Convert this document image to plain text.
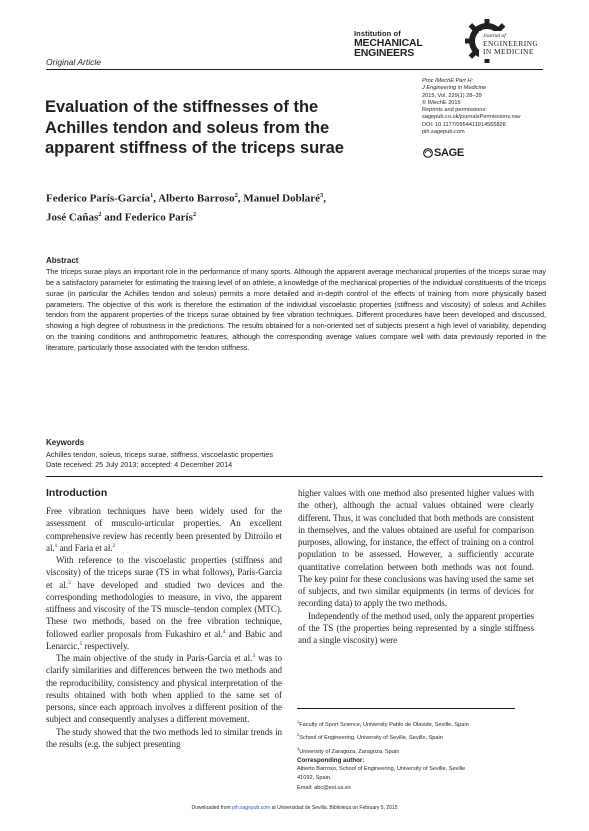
Institution of
MECHANICAL
ENGINEERS
Journal of
ENGINEERING
IN MEDICINE
Original Article
Proc IMechE Part H:
J Engineering in Medicine
2015, Vol. 229(1) 28–39
© IMechE 2015
Reprints and permissions:
sagepub.co.uk/journalsPermissions.nav
DOI: 10.1177/0954411914565828
pih.sagepub.com
SAGE
Evaluation of the stiffnesses of the Achilles tendon and soleus from the apparent stiffness of the triceps surae
Federico París-García$^1$, Alberto Barroso$^2$, Manuel Doblaré$^3$,
José Cañas$^2$ and Federico París$^2$
Abstract
The triceps surae plays an important role in the performance of many sports. Although the apparent average mechanical properties of the triceps surae may be a satisfactory parameter for estimating the training level of an athlete, a knowledge of the mechanical properties of the individual constituents of the triceps surae (in particular the Achilles tendon and soleus) permits a more detailed and in-depth control of the effects of training from more physically based parameters. The objective of this work is therefore the estimation of the individual viscoelastic properties (stiffness and viscosity) of soleus and Achilles tendon from the apparent properties of the triceps surae obtained by free vibration techniques. Different procedures have been developed and discussed, showing a high degree of robustness in the predictions. The results obtained for a non-oriented set of subjects present a high level of variability, depending on the training conditions and anthropometric features, although the corresponding average values compare well with data previously reported in the literature, particularly those associated with the tendon stiffness.
Keywords
Achilles tendon, soleus, triceps surae, stiffness, viscoelastic properties
Date received: 25 July 2013; accepted: 4 December 2014
Introduction

Free vibration techniques have been widely used for the assessment of musculo-articular properties. An excellent comprehensive review has recently been presented by Ditroilo et al.$^1$ and Faria et al.$^2$

With reference to the viscoelastic properties (stiffness and viscosity) of the triceps surae (TS in what follows), Paris-Garcia et al.$^3$ have developed and studied two devices and the corresponding methodologies to measure, in vivo, the apparent stiffness and viscosity of the TS muscle–tendon complex (MTC). These two methods, based on the free vibration technique, followed earlier proposals from Fukashiro et al.$^4$ and Babic and Lenarcic,$^5$ respectively.

The main objective of the study in París-García et al.$^3$ was to clarify similarities and differences between the two methods and the reproducibility, consistency and physical interpretation of the results obtained with both when applied to the same set of persons, since each approach involves a different position of the subject and consequently analyses a different movement.

The study showed that the two methods led to similar trends in the results (e.g. the subject presenting

higher values with one method also presented higher values with the other), although the actual values obtained were clearly different. Thus, it was concluded that both methods are consistent in themselves, and the values obtained are useful for comparison purposes, allowing, for instance, the effect of training on a control population to be assessed. However, a sufficiently accurate quantitative correlation between both methods was not found. The key point for these conclusions was having used the same set of subjects, and two similar equipments (in terms of devices for recording data) to apply the two methods.

Independently of the method used, only the apparent properties of the TS (the properties being represented by a single stiffness and a single viscosity) were

$^1$Faculty of Sport Science, University Pablo de Olavide, Seville, Spain
$^2$School of Engineering, University of Seville, Seville, Spain
$^3$University of Zaragoza, Zaragoza, Spain
Corresponding author:
Alberto Barroso, School of Engineering, University of Seville, Seville
41092, Spain.
Email: abc@esi.us.es
Downloaded from pih.sagepub.com at Universidad de Sevilla. Biblioteca on February 5, 2015
